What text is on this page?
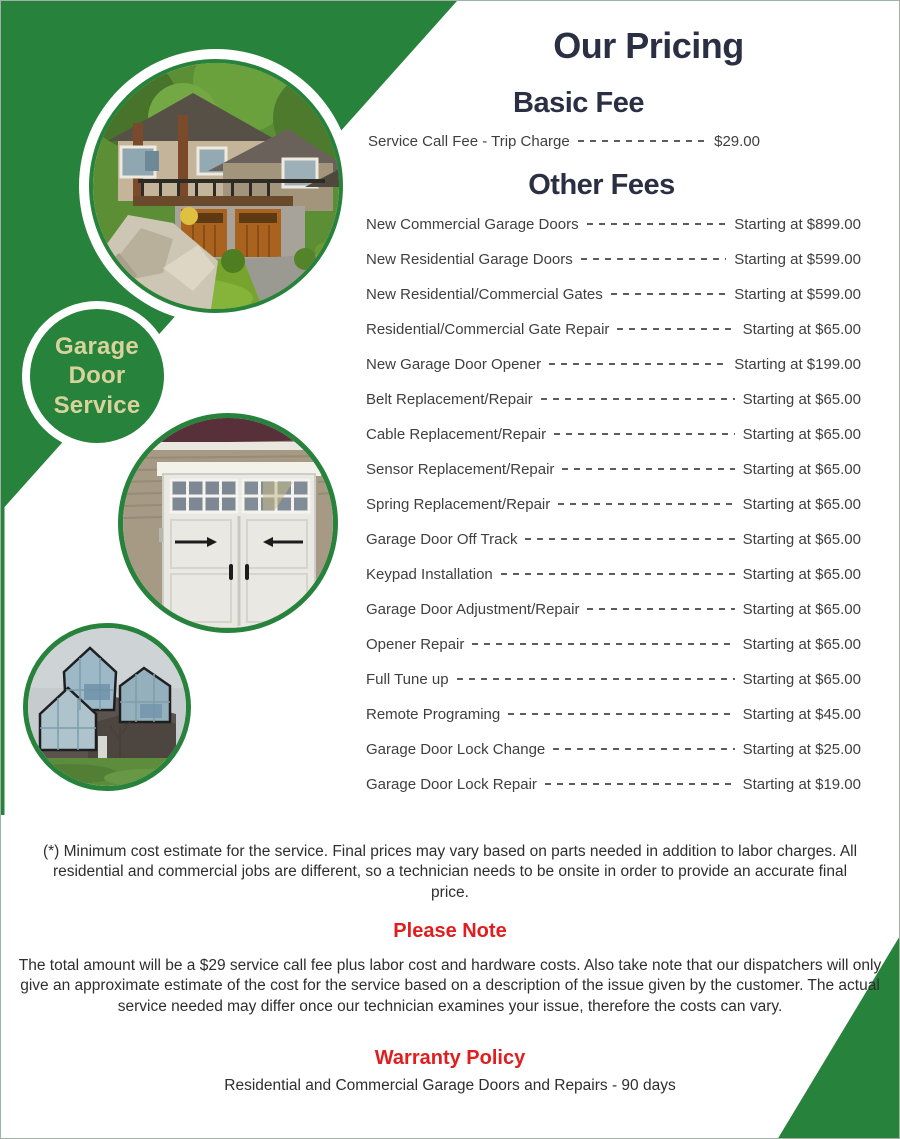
Garage
Door
Service
Our Pricing
Basic Fee
Service Call Fee - Trip Charge	$29.00
Other Fees
New Commercial Garage Doors	Starting at $899.00
New Residential Garage Doors	Starting at $599.00
New Residential/Commercial Gates	Starting at $599.00
Residential/Commercial Gate Repair	Starting at $65.00
New Garage Door Opener	Starting at $199.00
Belt Replacement/Repair	Starting at $65.00
Cable Replacement/Repair	Starting at $65.00
Sensor Replacement/Repair	Starting at $65.00
Spring Replacement/Repair	Starting at $65.00
Garage Door Off Track	Starting at $65.00
Keypad Installation	Starting at $65.00
Garage Door Adjustment/Repair	Starting at $65.00
Opener Repair	Starting at $65.00
Full Tune up	Starting at $65.00
Remote Programing	Starting at $45.00
Garage Door Lock Change	Starting at $25.00
Garage Door Lock Repair	Starting at $19.00
(*) Minimum cost estimate for the service. Final prices may vary based on parts needed in addition to labor charges. All residential and commercial jobs are different, so a technician needs to be onsite in order to provide an accurate final price.
Please Note
The total amount will be a $29 service call fee plus labor cost and hardware costs. Also take note that our dispatchers will only give an approximate estimate of the cost for the service based on a description of the issue given by the customer. The actual service needed may differ once our technician examines your issue, therefore the costs can vary.
Warranty Policy
Residential and Commercial Garage Doors and Repairs - 90 days
